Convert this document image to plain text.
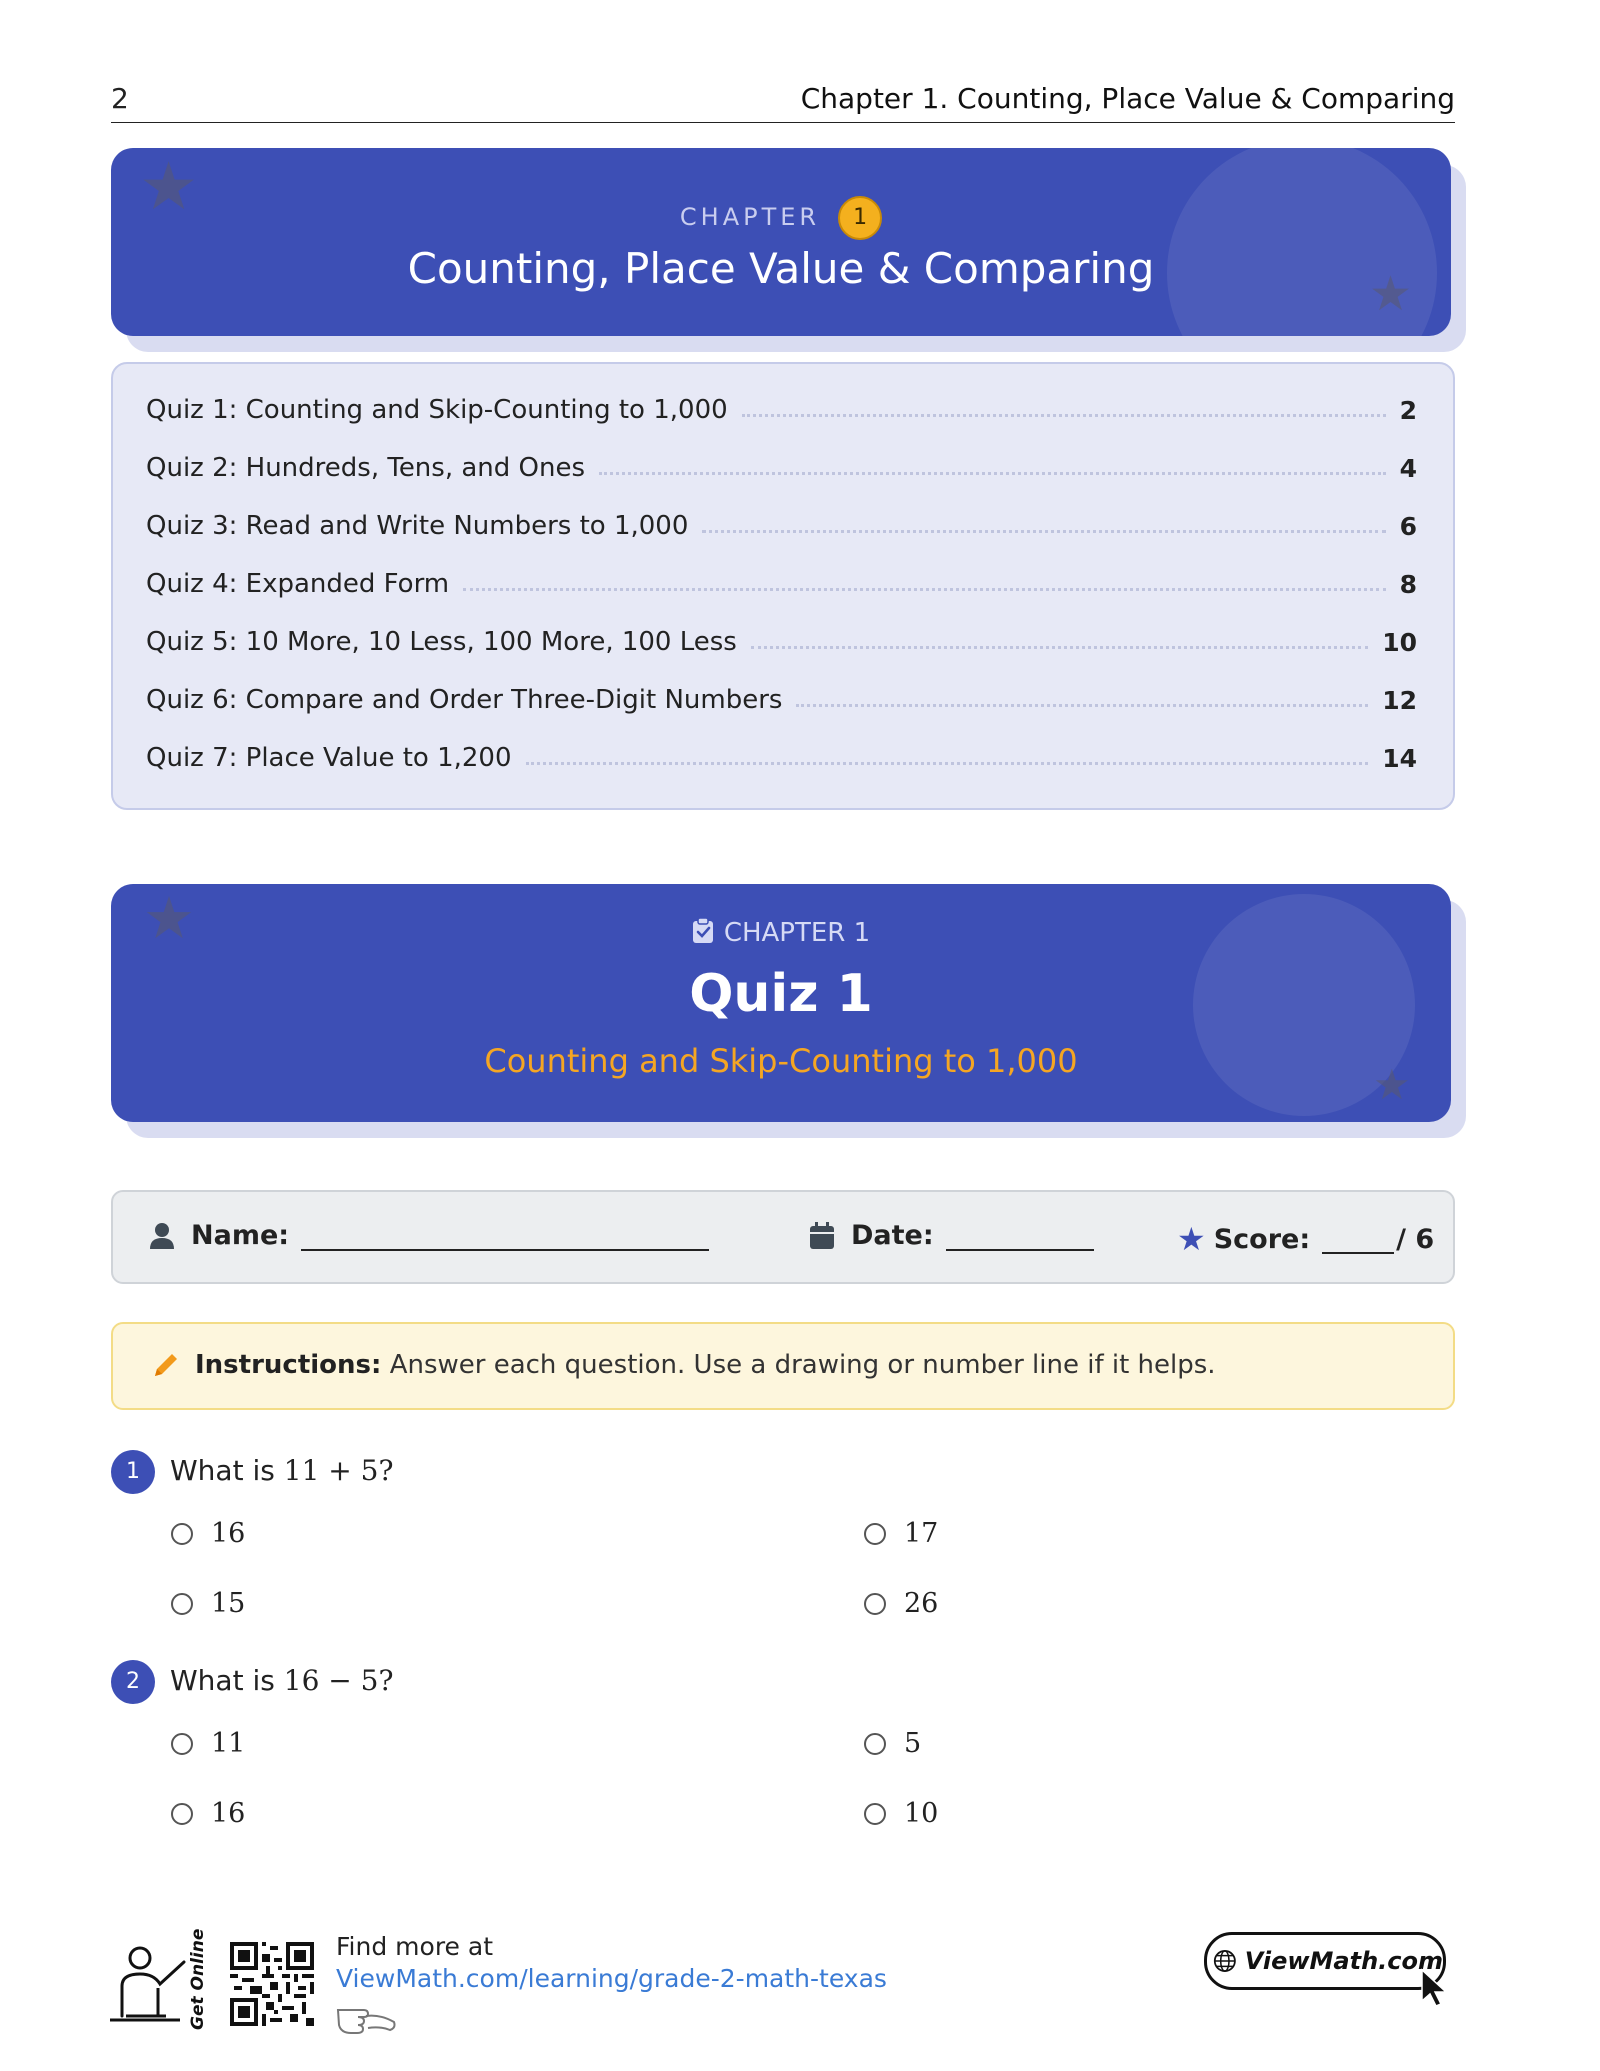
2	Chapter 1. Counting, Place Value & Comparing
★
★
CHAPTER 1
Counting, Place Value & Comparing
Quiz 1: Counting and Skip-Counting to 1,000	2
Quiz 2: Hundreds, Tens, and Ones	4
Quiz 3: Read and Write Numbers to 1,000	6
Quiz 4: Expanded Form	8
Quiz 5: 10 More, 10 Less, 100 More, 100 Less	10
Quiz 6: Compare and Order Three-Digit Numbers	12
Quiz 7: Place Value to 1,200	14
★
★
CHAPTER 1
Quiz 1
Counting and Skip-Counting to 1,000
Name:	Date:	★ Score:	/ 6
Instructions: Answer each question. Use a drawing or number line if it helps.
1	What is 11 + 5?
16	17
15	26
2	What is 16 − 5?
11	5
16	10
Get Online	Find more at
ViewMath.com/learning/grade-2-math-texas
ViewMath.com
